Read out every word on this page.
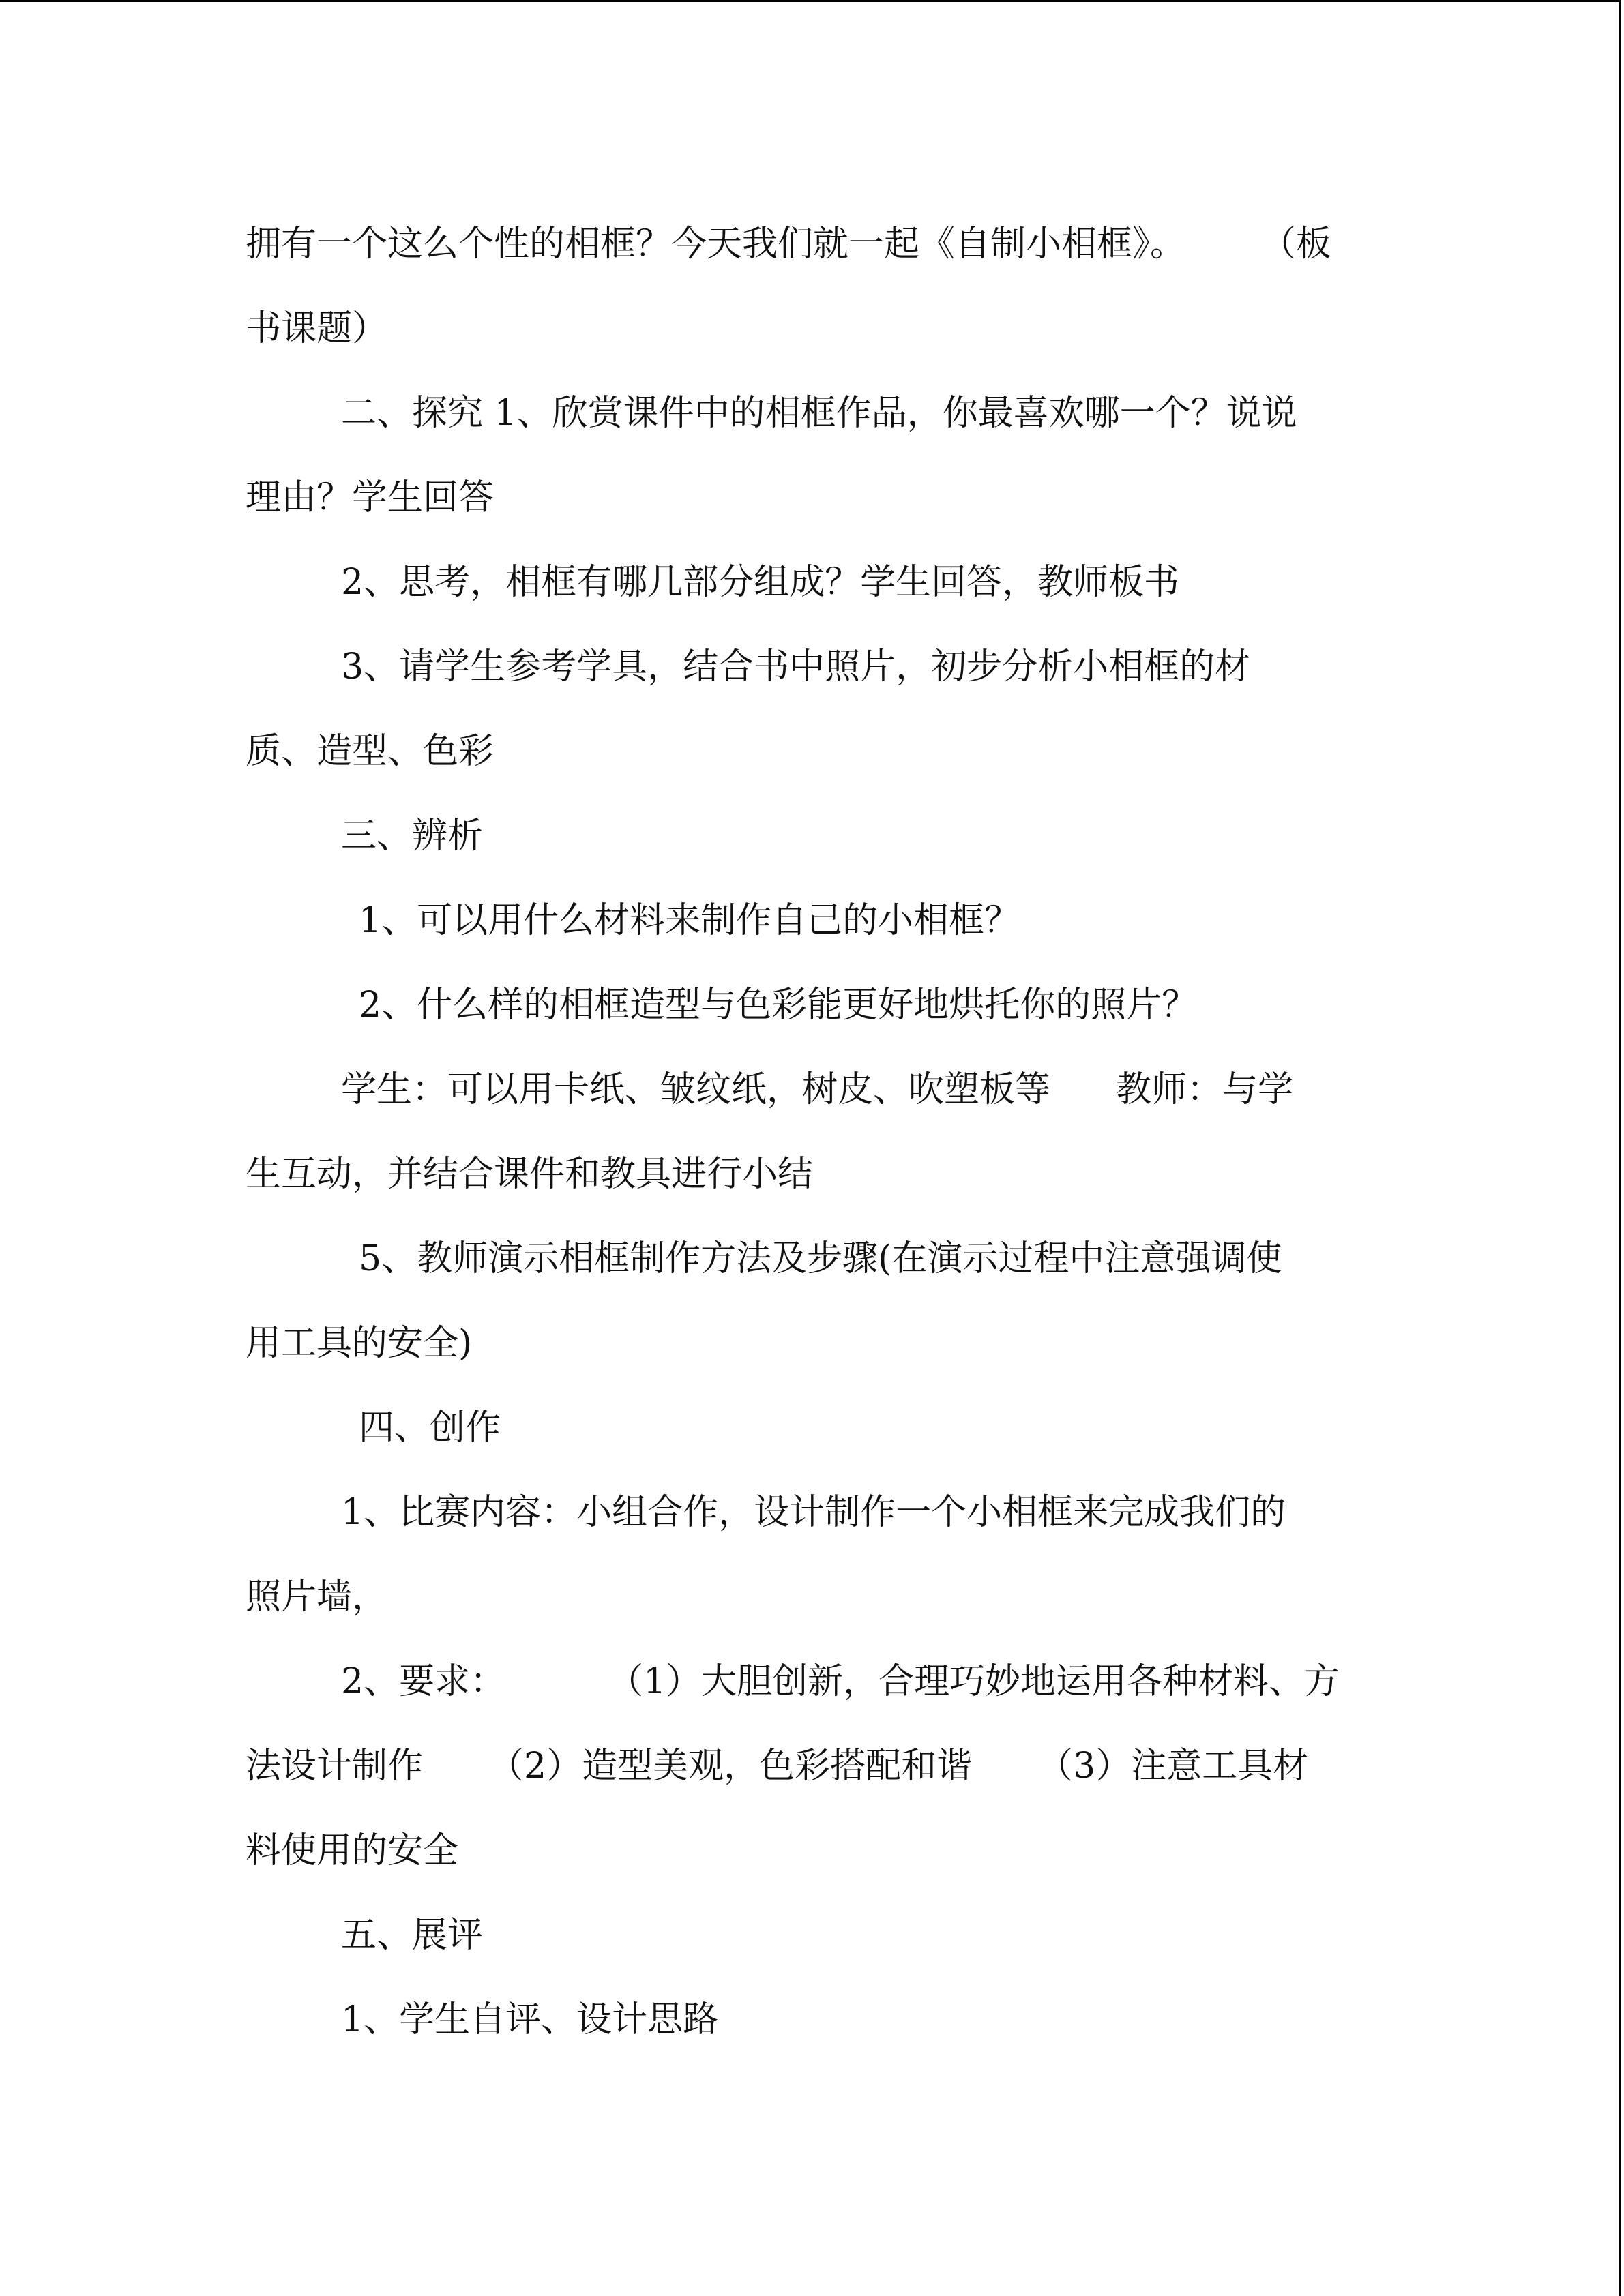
拥有一个这么个性的相框？今天我们就一起《自制小相框》。 （板
书课题）
二、探究 1、欣赏课件中的相框作品，你最喜欢哪一个？说说
理由？学生回答
2、思考，相框有哪几部分组成？学生回答，教师板书
3、请学生参考学具，结合书中照片，初步分析小相框的材
质、造型、色彩
三、辨析
1、可以用什么材料来制作自己的小相框？
2、什么样的相框造型与色彩能更好地烘托你的照片？
学生：可以用卡纸、皱纹纸，树皮、吹塑板等 教师：与学
生互动，并结合课件和教具进行小结
5、教师演示相框制作方法及步骤(在演示过程中注意强调使
用工具的安全)
四、创作
1、比赛内容：小组合作，设计制作一个小相框来完成我们的
照片墙，
2、要求：	（1）大胆创新，合理巧妙地运用各种材料、方
法设计制作 （2）造型美观，色彩搭配和谐 （3）注意工具材
料使用的安全
五、展评
1、学生自评、设计思路
